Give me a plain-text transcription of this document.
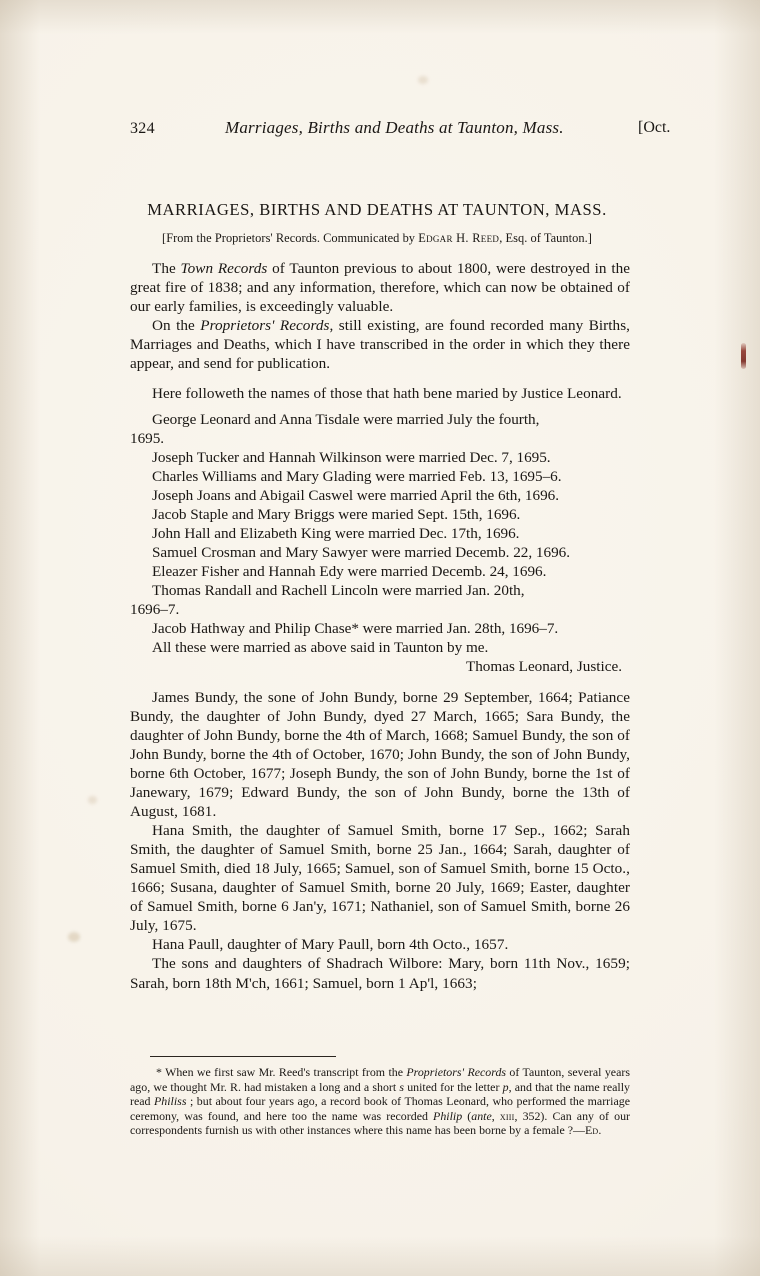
324	Marriages, Births and Deaths at Taunton, Mass.	[Oct.
MARRIAGES, BIRTHS AND DEATHS AT TAUNTON, MASS.
[From the Proprietors' Records. Communicated by Edgar H. Reed, Esq. of Taunton.]

The Town Records of Taunton previous to about 1800, were destroyed in the great fire of 1838; and any information, therefore, which can now be obtained of our early families, is exceedingly valuable.

On the Proprietors' Records, still existing, are found recorded many Births, Marriages and Deaths, which I have transcribed in the order in which they there appear, and send for publication.

Here followeth the names of those that hath bene maried by Justice Leonard.

George Leonard and Anna Tisdale were married July the fourth,

1695.

Joseph Tucker and Hannah Wilkinson were married Dec. 7, 1695.

Charles Williams and Mary Glading were married Feb. 13, 1695–6.

Joseph Joans and Abigail Caswel were married April the 6th, 1696.

Jacob Staple and Mary Briggs were maried Sept. 15th, 1696.

John Hall and Elizabeth King were married Dec. 17th, 1696.

Samuel Crosman and Mary Sawyer were married Decemb. 22, 1696.

Eleazer Fisher and Hannah Edy were married Decemb. 24, 1696.

Thomas Randall and Rachell Lincoln were married Jan. 20th,

1696–7.

Jacob Hathway and Philip Chase* were married Jan. 28th, 1696–7.

All these were married as above said in Taunton by me.

Thomas Leonard, Justice.

James Bundy, the sone of John Bundy, borne 29 September, 1664; Patiance Bundy, the daughter of John Bundy, dyed 27 March, 1665; Sara Bundy, the daughter of John Bundy, borne the 4th of March, 1668; Samuel Bundy, the son of John Bundy, borne the 4th of October, 1670; John Bundy, the son of John Bundy, borne 6th October, 1677; Joseph Bundy, the son of John Bundy, borne the 1st of Janewary, 1679; Edward Bundy, the son of John Bundy, borne the 13th of August, 1681.

Hana Smith, the daughter of Samuel Smith, borne 17 Sep., 1662; Sarah Smith, the daughter of Samuel Smith, borne 25 Jan., 1664; Sarah, daughter of Samuel Smith, died 18 July, 1665; Samuel, son of Samuel Smith, borne 15 Octo., 1666; Susana, daughter of Samuel Smith, borne 20 July, 1669; Easter, daughter of Samuel Smith, borne 6 Jan'y, 1671; Nathaniel, son of Samuel Smith, borne 26 July, 1675.

Hana Paull, daughter of Mary Paull, born 4th Octo., 1657.

The sons and daughters of Shadrach Wilbore: Mary, born 11th Nov., 1659; Sarah, born 18th M'ch, 1661; Samuel, born 1 Ap'l, 1663;

* When we first saw Mr. Reed's transcript from the Proprietors' Records of Taunton, several years ago, we thought Mr. R. had mistaken a long and a short s united for the letter p, and that the name really read Philiss ; but about four years ago, a record book of Thomas Leonard, who performed the marriage ceremony, was found, and here too the name was recorded Philip (ante, xiii, 352). Can any of our correspondents furnish us with other instances where this name has been borne by a female ?—Ed.
